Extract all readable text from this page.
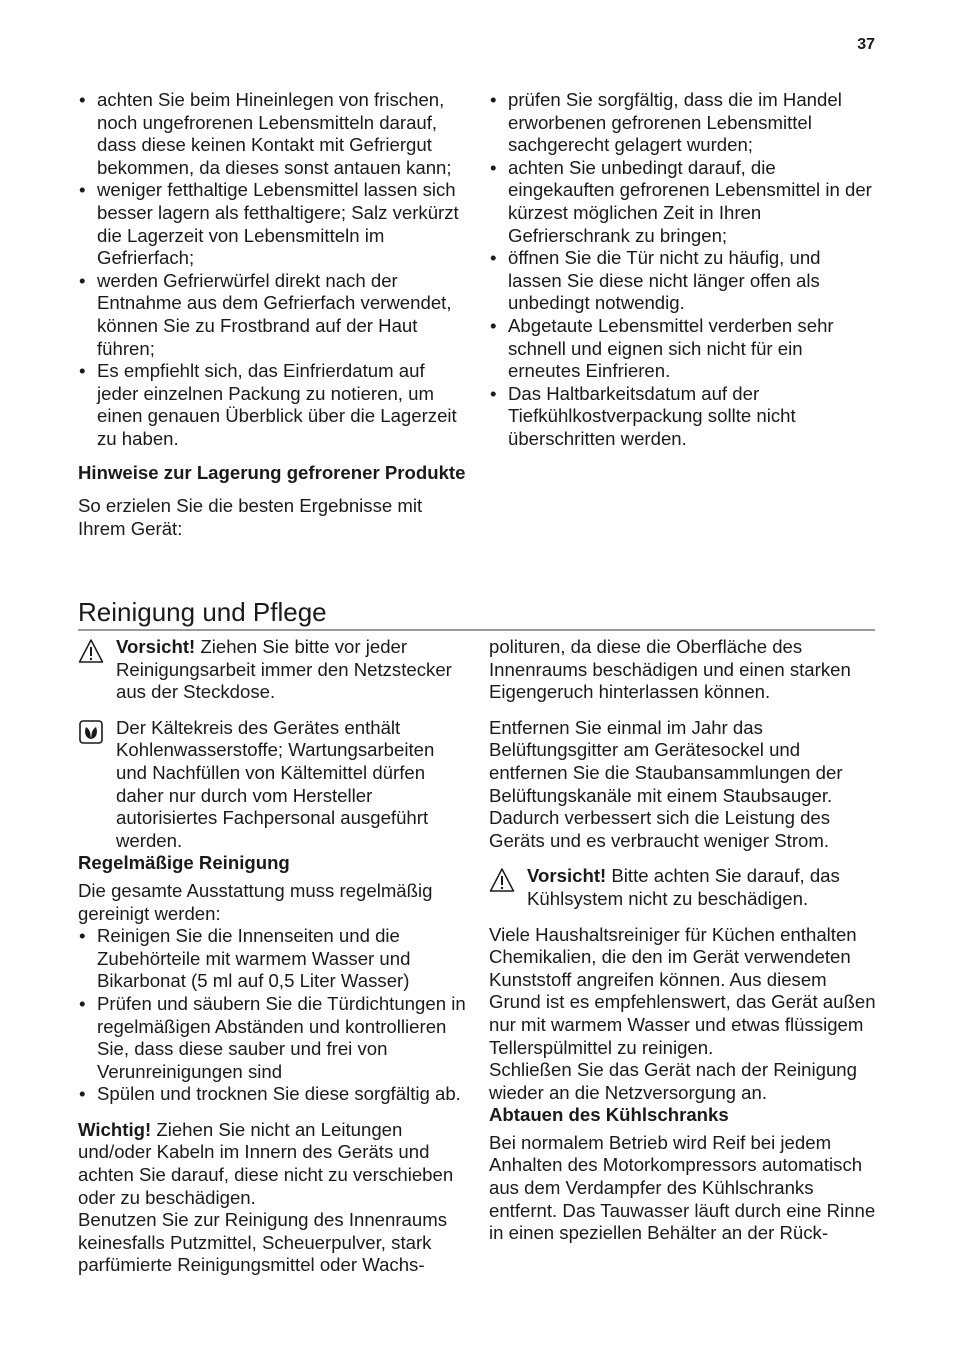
37
• achten Sie beim Hineinlegen von frischen, noch ungefrorenen Lebensmitteln darauf, dass diese keinen Kontakt mit Gefriergut bekommen, da dieses sonst antauen kann;
• weniger fetthaltige Lebensmittel lassen sich besser lagern als fetthaltigere; Salz verkürzt die Lagerzeit von Lebensmitteln im Gefrierfach;
• werden Gefrierwürfel direkt nach der Entnahme aus dem Gefrierfach verwendet, können Sie zu Frostbrand auf der Haut führen;
• Es empfiehlt sich, das Einfrierdatum auf jeder einzelnen Packung zu notieren, um einen genauen Überblick über die Lagerzeit zu haben.
Hinweise zur Lagerung gefrorener Produkte

So erzielen Sie die besten Ergebnisse mit Ihrem Gerät:

• prüfen Sie sorgfältig, dass die im Handel erworbenen gefrorenen Lebensmittel sachgerecht gelagert wurden;
• achten Sie unbedingt darauf, die eingekauften gefrorenen Lebensmittel in der kürzest möglichen Zeit in Ihren Gefrierschrank zu bringen;
• öffnen Sie die Tür nicht zu häufig, und lassen Sie diese nicht länger offen als unbedingt notwendig.
• Abgetaute Lebensmittel verderben sehr schnell und eignen sich nicht für ein erneutes Einfrieren.
• Das Haltbarkeitsdatum auf der Tiefkühlkostverpackung sollte nicht überschritten werden.
Reinigung und Pflege

Vorsicht! Ziehen Sie bitte vor jeder Reinigungsarbeit immer den Netzstecker aus der Steckdose.

Der Kältekreis des Gerätes enthält Kohlenwasserstoffe; Wartungsarbeiten und Nachfüllen von Kältemittel dürfen daher nur durch vom Hersteller autorisiertes Fachpersonal ausgeführt werden.

Regelmäßige Reinigung

Die gesamte Ausstattung muss regelmäßig gereinigt werden:

• Reinigen Sie die Innenseiten und die Zubehörteile mit warmem Wasser und Bikarbonat (5 ml auf 0,5 Liter Wasser)
• Prüfen und säubern Sie die Türdichtungen in regelmäßigen Abständen und kontrollieren Sie, dass diese sauber und frei von Verunreinigungen sind
• Spülen und trocknen Sie diese sorgfältig ab.

Wichtig! Ziehen Sie nicht an Leitungen und/oder Kabeln im Innern des Geräts und achten Sie darauf, diese nicht zu verschieben oder zu beschädigen.

Benutzen Sie zur Reinigung des Innenraums keinesfalls Putzmittel, Scheuerpulver, stark parfümierte Reinigungsmittel oder Wachs-

polituren, da diese die Oberfläche des Innenraums beschädigen und einen starken Eigengeruch hinterlassen können.

Entfernen Sie einmal im Jahr das Belüftungsgitter am Gerätesockel und entfernen Sie die Staubansammlungen der Belüftungskanäle mit einem Staubsauger. Dadurch verbessert sich die Leistung des Geräts und es verbraucht weniger Strom.

Vorsicht! Bitte achten Sie darauf, das Kühlsystem nicht zu beschädigen.

Viele Haushaltsreiniger für Küchen enthalten Chemikalien, die den im Gerät verwendeten Kunststoff angreifen können. Aus diesem Grund ist es empfehlenswert, das Gerät außen nur mit warmem Wasser und etwas flüssigem Tellerspülmittel zu reinigen.

Schließen Sie das Gerät nach der Reinigung wieder an die Netzversorgung an.

Abtauen des Kühlschranks

Bei normalem Betrieb wird Reif bei jedem Anhalten des Motorkompressors automatisch aus dem Verdampfer des Kühlschranks entfernt. Das Tauwasser läuft durch eine Rinne in einen speziellen Behälter an der Rück-
